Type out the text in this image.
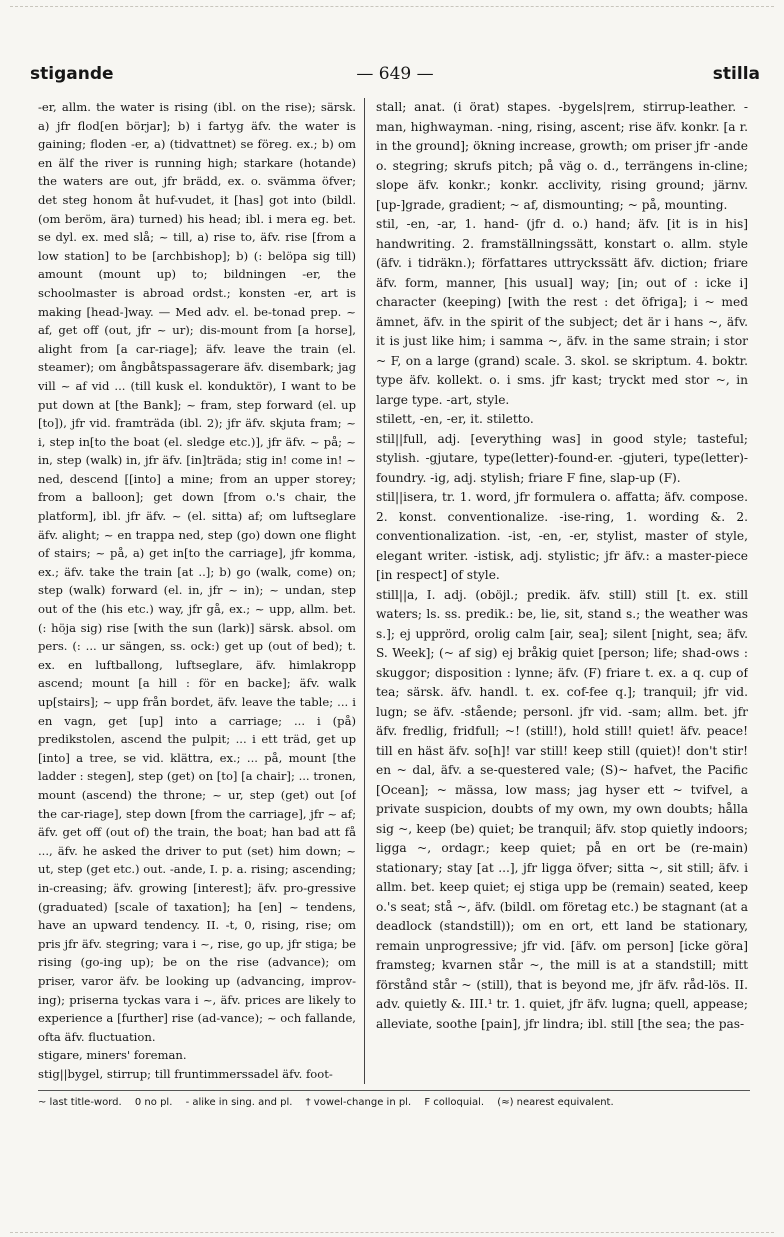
stigande	— 649 —	stilla

-er, allm. the water is rising (ibl. on the rise); särsk. a) jfr flod[en börjar]; b) i fartyg äfv. the water is gaining; floden -er, a) (tidvattnet) se föreg. ex.; b) om en älf the river is running high; starkare (hotande) the waters are out, jfr brädd, ex. o. svämma öfver; det steg honom åt huf-vudet, it [has] got into (bildl. (om beröm, ära) turned) his head; ibl. i mera eg. bet. se dyl. ex. med slå; ~ till, a) rise to, äfv. rise [from a low station] to be [archbishop]; b) (: belöpa sig till) amount (mount up) to; bildningen -er, the schoolmaster is abroad ordst.; konsten -er, art is making [head-]way. — Med adv. el. be-tonad prep. ~ af, get off (out, jfr ~ ur); dis-mount from [a horse], alight from [a car-riage]; äfv. leave the train (el. steamer); om ångbåtspassagerare äfv. disembark; jag vill ~ af vid ... (till kusk el. konduktör), I want to be put down at [the Bank]; ~ fram, step forward (el. up [to]), jfr vid. framträda (ibl. 2); jfr äfv. skjuta fram; ~ i, step in[to the boat (el. sledge etc.)], jfr äfv. ~ på; ~ in, step (walk) in, jfr äfv. [in]träda; stig in! come in! ~ ned, descend [[into] a mine; from an upper storey; from a balloon]; get down [from o.'s chair, the platform], ibl. jfr äfv. ~ (el. sitta) af; om luftseglare äfv. alight; ~ en trappa ned, step (go) down one flight of stairs; ~ på, a) get in[to the carriage], jfr komma, ex.; äfv. take the train [at ..]; b) go (walk, come) on; step (walk) forward (el. in, jfr ~ in); ~ undan, step out of the (his etc.) way, jfr gå, ex.; ~ upp, allm. bet. (: höja sig) rise [with the sun (lark)] särsk. absol. om pers. (: ... ur sängen, ss. ock:) get up (out of bed); t. ex. en luftballong, luftseglare, äfv. himlakropp ascend; mount [a hill : för en backe]; äfv. walk up[stairs]; ~ upp från bordet, äfv. leave the table; ... i en vagn, get [up] into a carriage; ... i (på) predikstolen, ascend the pulpit; ... i ett träd, get up [into] a tree, se vid. klättra, ex.; ... på, mount [the ladder : stegen], step (get) on [to] [a chair]; ... tronen, mount (ascend) the throne; ~ ur, step (get) out [of the car-riage], step down [from the carriage], jfr ~ af; äfv. get off (out of) the train, the boat; han bad att få ..., äfv. he asked the driver to put (set) him down; ~ ut, step (get etc.) out. -ande, I. p. a. rising; ascending; in-creasing; äfv. growing [interest]; äfv. pro-gressive (graduated) [scale of taxation]; ha [en] ~ tendens, have an upward tendency. II. -t, 0, rising, rise; om pris jfr äfv. stegring; vara i ~, rise, go up, jfr stiga; be rising (go-ing up); be on the rise (advance); om priser, varor äfv. be looking up (advancing, improv-ing); priserna tyckas vara i ~, äfv. prices are likely to experience a [further] rise (ad-vance); ~ och fallande, ofta äfv. fluctuation.

stigare, miners' foreman.

stig||bygel, stirrup; till fruntimmerssadel äfv. foot-

stall; anat. (i örat) stapes. -bygels|rem, stirrup-leather. -man, highwayman. -ning, rising, ascent; rise äfv. konkr. [a r. in the ground]; ökning increase, growth; om priser jfr -ande o. stegring; skrufs pitch; på väg o. d., terrängens in-cline; slope äfv. konkr.; konkr. acclivity, rising ground; järnv. [up-]grade, gradient; ~ af, dismounting; ~ på, mounting.

stil, -en, -ar, 1. hand- (jfr d. o.) hand; äfv. [it is in his] handwriting. 2. framställningssätt, konstart o. allm. style (äfv. i tidräkn.); författares uttryckssätt äfv. diction; friare äfv. form, manner, [his usual] way; [in; out of : icke i] character (keeping) [with the rest : det öfriga]; i ~ med ämnet, äfv. in the spirit of the subject; det är i hans ~, äfv. it is just like him; i samma ~, äfv. in the same strain; i stor ~ F, on a large (grand) scale. 3. skol. se skriptum. 4. boktr. type äfv. kollekt. o. i sms. jfr kast; tryckt med stor ~, in large type. -art, style.

stilett, -en, -er, it. stiletto.

stil||full, adj. [everything was] in good style; tasteful; stylish. -gjutare, type(letter)-found-er. -gjuteri, type(letter)-foundry. -ig, adj. stylish; friare F fine, slap-up (F).

stil||isera, tr. 1. word, jfr formulera o. affatta; äfv. compose. 2. konst. conventionalize. -ise-ring, 1. wording &. 2. conventionalization. -ist, -en, -er, stylist, master of style, elegant writer. -istisk, adj. stylistic; jfr äfv.: a master-piece [in respect] of style.

still||a, I. adj. (oböjl.; predik. äfv. still) still [t. ex. still waters; ls. ss. predik.: be, lie, sit, stand s.; the weather was s.]; ej upprörd, orolig calm [air, sea]; silent [night, sea; äfv. S. Week]; (~ af sig) ej bråkig quiet [person; life; shad-ows : skuggor; disposition : lynne; äfv. (F) friare t. ex. a q. cup of tea; särsk. äfv. handl. t. ex. cof-fee q.]; tranquil; jfr vid. lugn; se äfv. -stående; personl. jfr vid. -sam; allm. bet. jfr äfv. fredlig, fridfull; ~! (still!), hold still! quiet! äfv. peace! till en häst äfv. so[h]! var still! keep still (quiet)! don't stir! en ~ dal, äfv. a se-questered vale; (S)~ hafvet, the Pacific [Ocean]; ~ mässa, low mass; jag hyser ett ~ tvifvel, a private suspicion, doubts of my own, my own doubts; hålla sig ~, keep (be) quiet; be tranquil; äfv. stop quietly indoors; ligga ~, ordagr.; keep quiet; på en ort be (re-main) stationary; stay [at ...], jfr ligga öfver; sitta ~, sit still; äfv. i allm. bet. keep quiet; ej stiga upp be (remain) seated, keep o.'s seat; stå ~, äfv. (bildl. om företag etc.) be stagnant (at a deadlock (standstill)); om en ort, ett land be stationary, remain unprogressive; jfr vid. [äfv. om person] [icke göra] framsteg; kvarnen står ~, the mill is at a standstill; mitt förstånd står ~ (still), that is beyond me, jfr äfv. råd-lös. II. adv. quietly &. III.¹ tr. 1. quiet, jfr äfv. lugna; quell, appease; alleviate, soothe [pain], jfr lindra; ibl. still [the sea; the pas-

~ last title-word. 0 no pl. - alike in sing. and pl. † vowel-change in pl. F colloquial. (≈) nearest equivalent.
